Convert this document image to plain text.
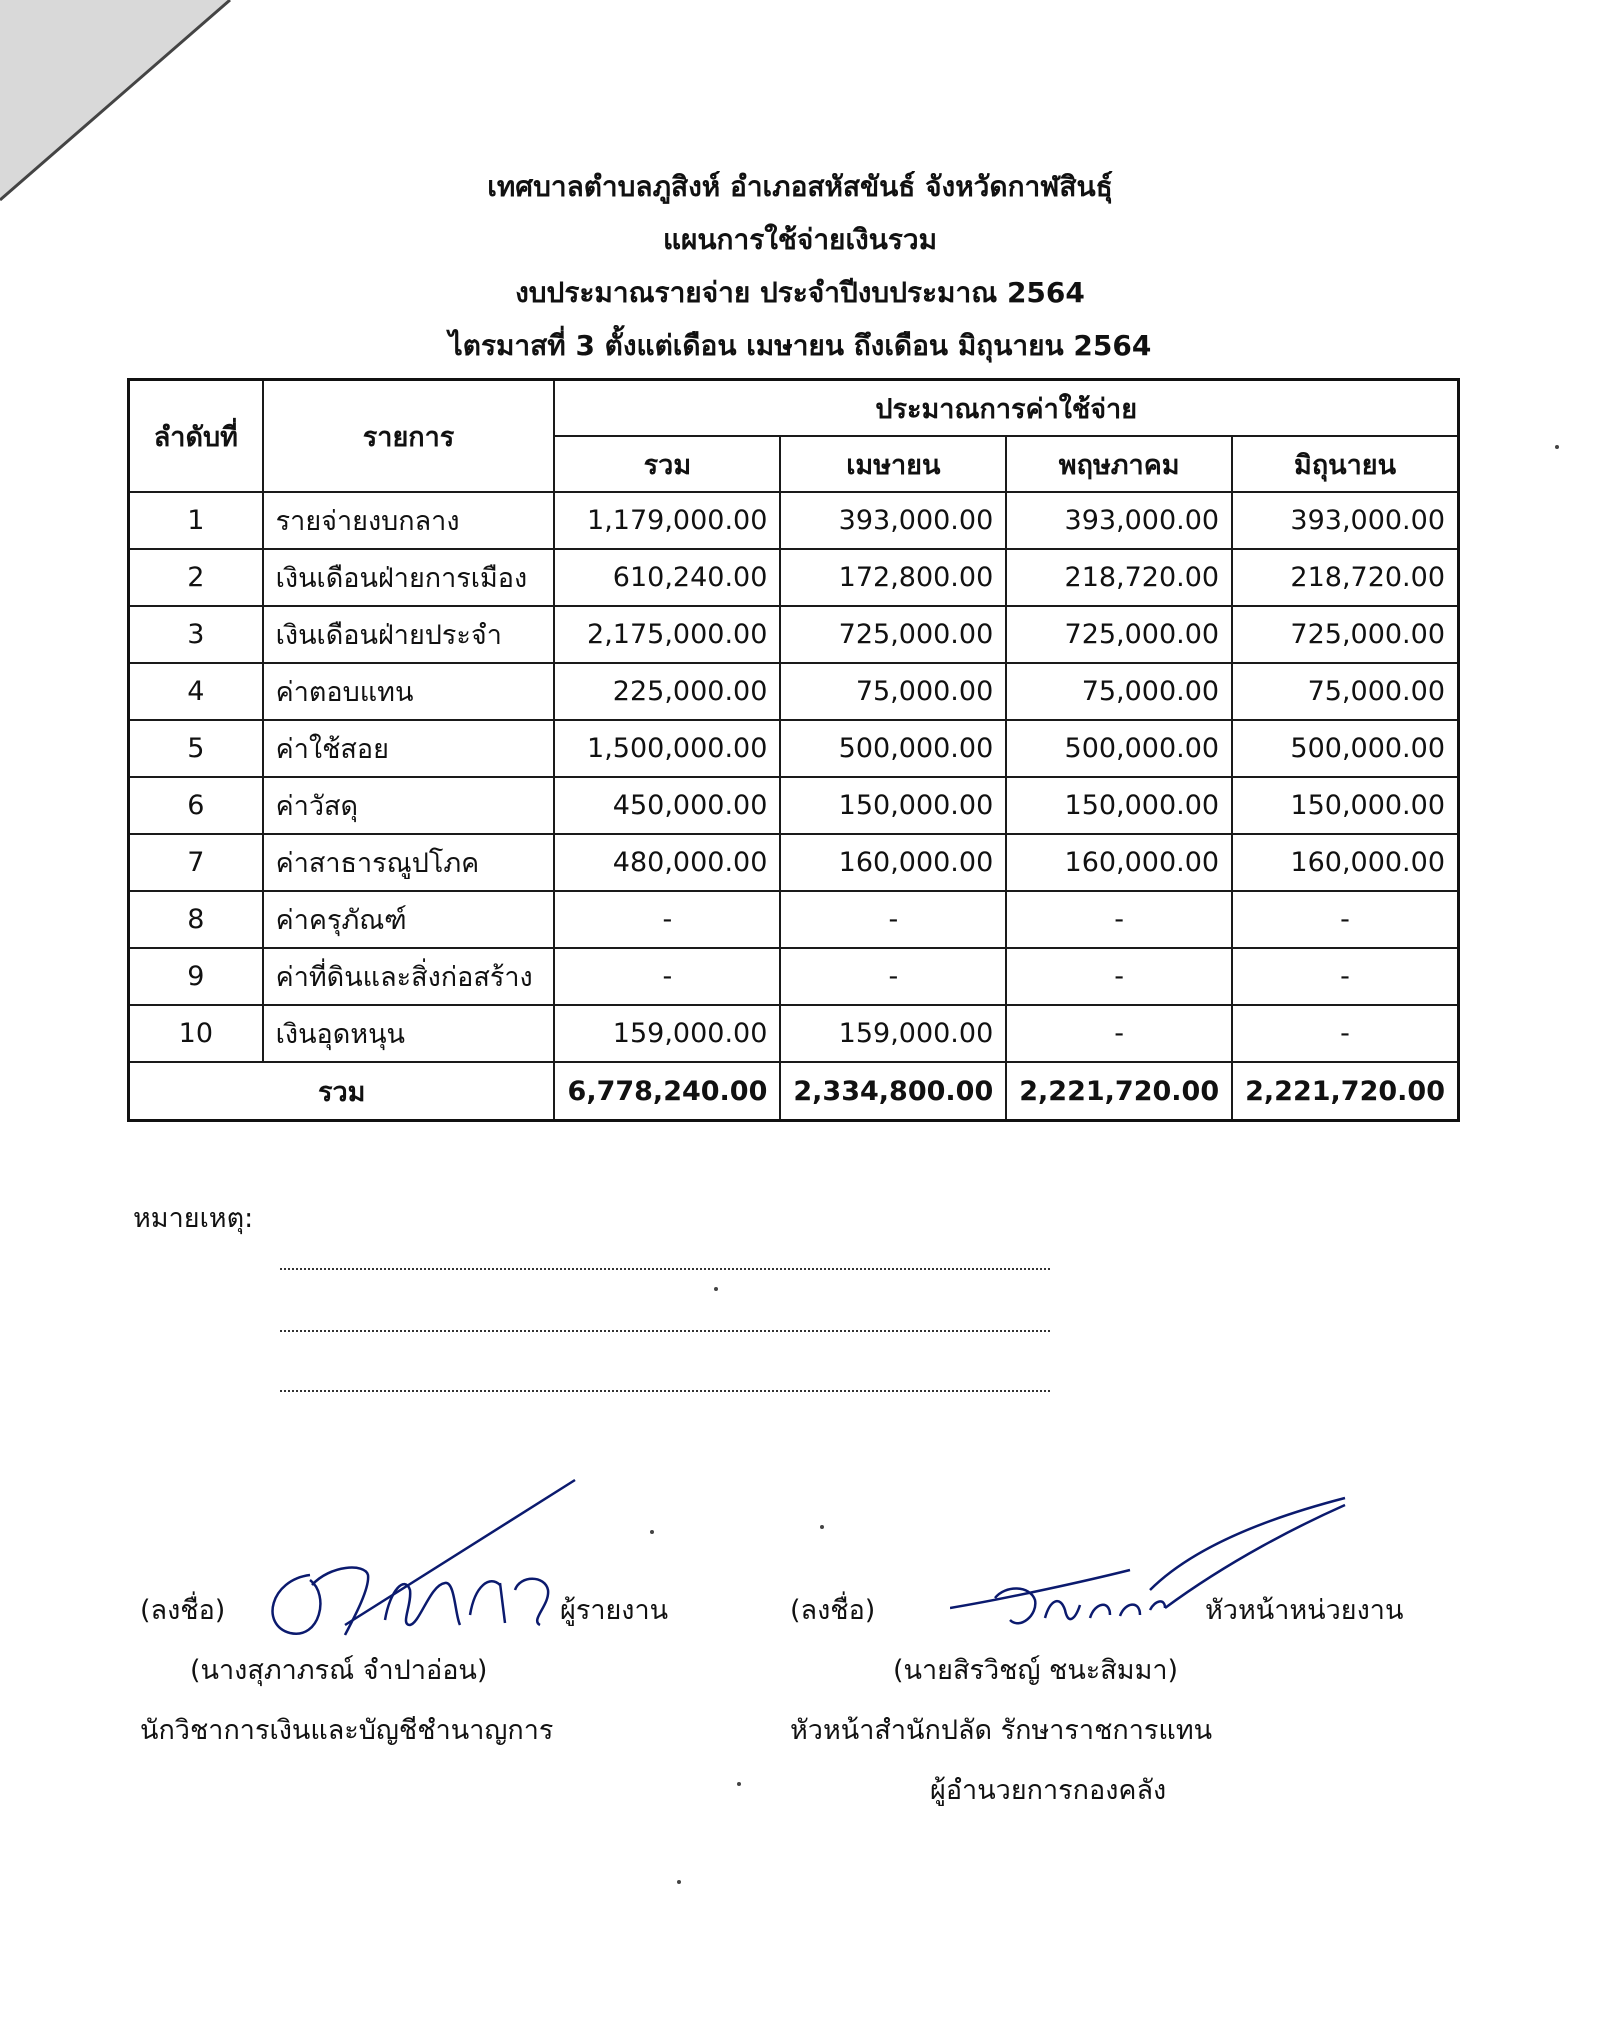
เทศบาลตำบลภูสิงห์ อำเภอสหัสขันธ์ จังหวัดกาฬสินธุ์
แผนการใช้จ่ายเงินรวม
งบประมาณรายจ่าย ประจำปีงบประมาณ 2564
ไตรมาสที่ 3 ตั้งแต่เดือน เมษายน ถึงเดือน มิถุนายน 2564
ลำดับที่	รายการ	ประมาณการค่าใช้จ่าย			
		รวม	เมษายน	พฤษภาคม	มิถุนายน
1	รายจ่ายงบกลาง	1,179,000.00	393,000.00	393,000.00	393,000.00
2	เงินเดือนฝ่ายการเมือง	610,240.00	172,800.00	218,720.00	218,720.00
3	เงินเดือนฝ่ายประจำ	2,175,000.00	725,000.00	725,000.00	725,000.00
4	ค่าตอบแทน	225,000.00	75,000.00	75,000.00	75,000.00
5	ค่าใช้สอย	1,500,000.00	500,000.00	500,000.00	500,000.00
6	ค่าวัสดุ	450,000.00	150,000.00	150,000.00	150,000.00
7	ค่าสาธารณูปโภค	480,000.00	160,000.00	160,000.00	160,000.00
8	ค่าครุภัณฑ์	-	-	-	-
9	ค่าที่ดินและสิ่งก่อสร้าง	-	-	-	-
10	เงินอุดหนุน	159,000.00	159,000.00	-	-
รวม		6,778,240.00	2,334,800.00	2,221,720.00	2,221,720.00
หมายเหตุ:
(ลงชื่อ)	ผู้รายงาน
(นางสุภาภรณ์ จำปาอ่อน)
นักวิชาการเงินและบัญชีชำนาญการ
(ลงชื่อ)	หัวหน้าหน่วยงาน
(นายสิรวิชญ์ ชนะสิมมา)
หัวหน้าสำนักปลัด รักษาราชการแทน
ผู้อำนวยการกองคลัง
